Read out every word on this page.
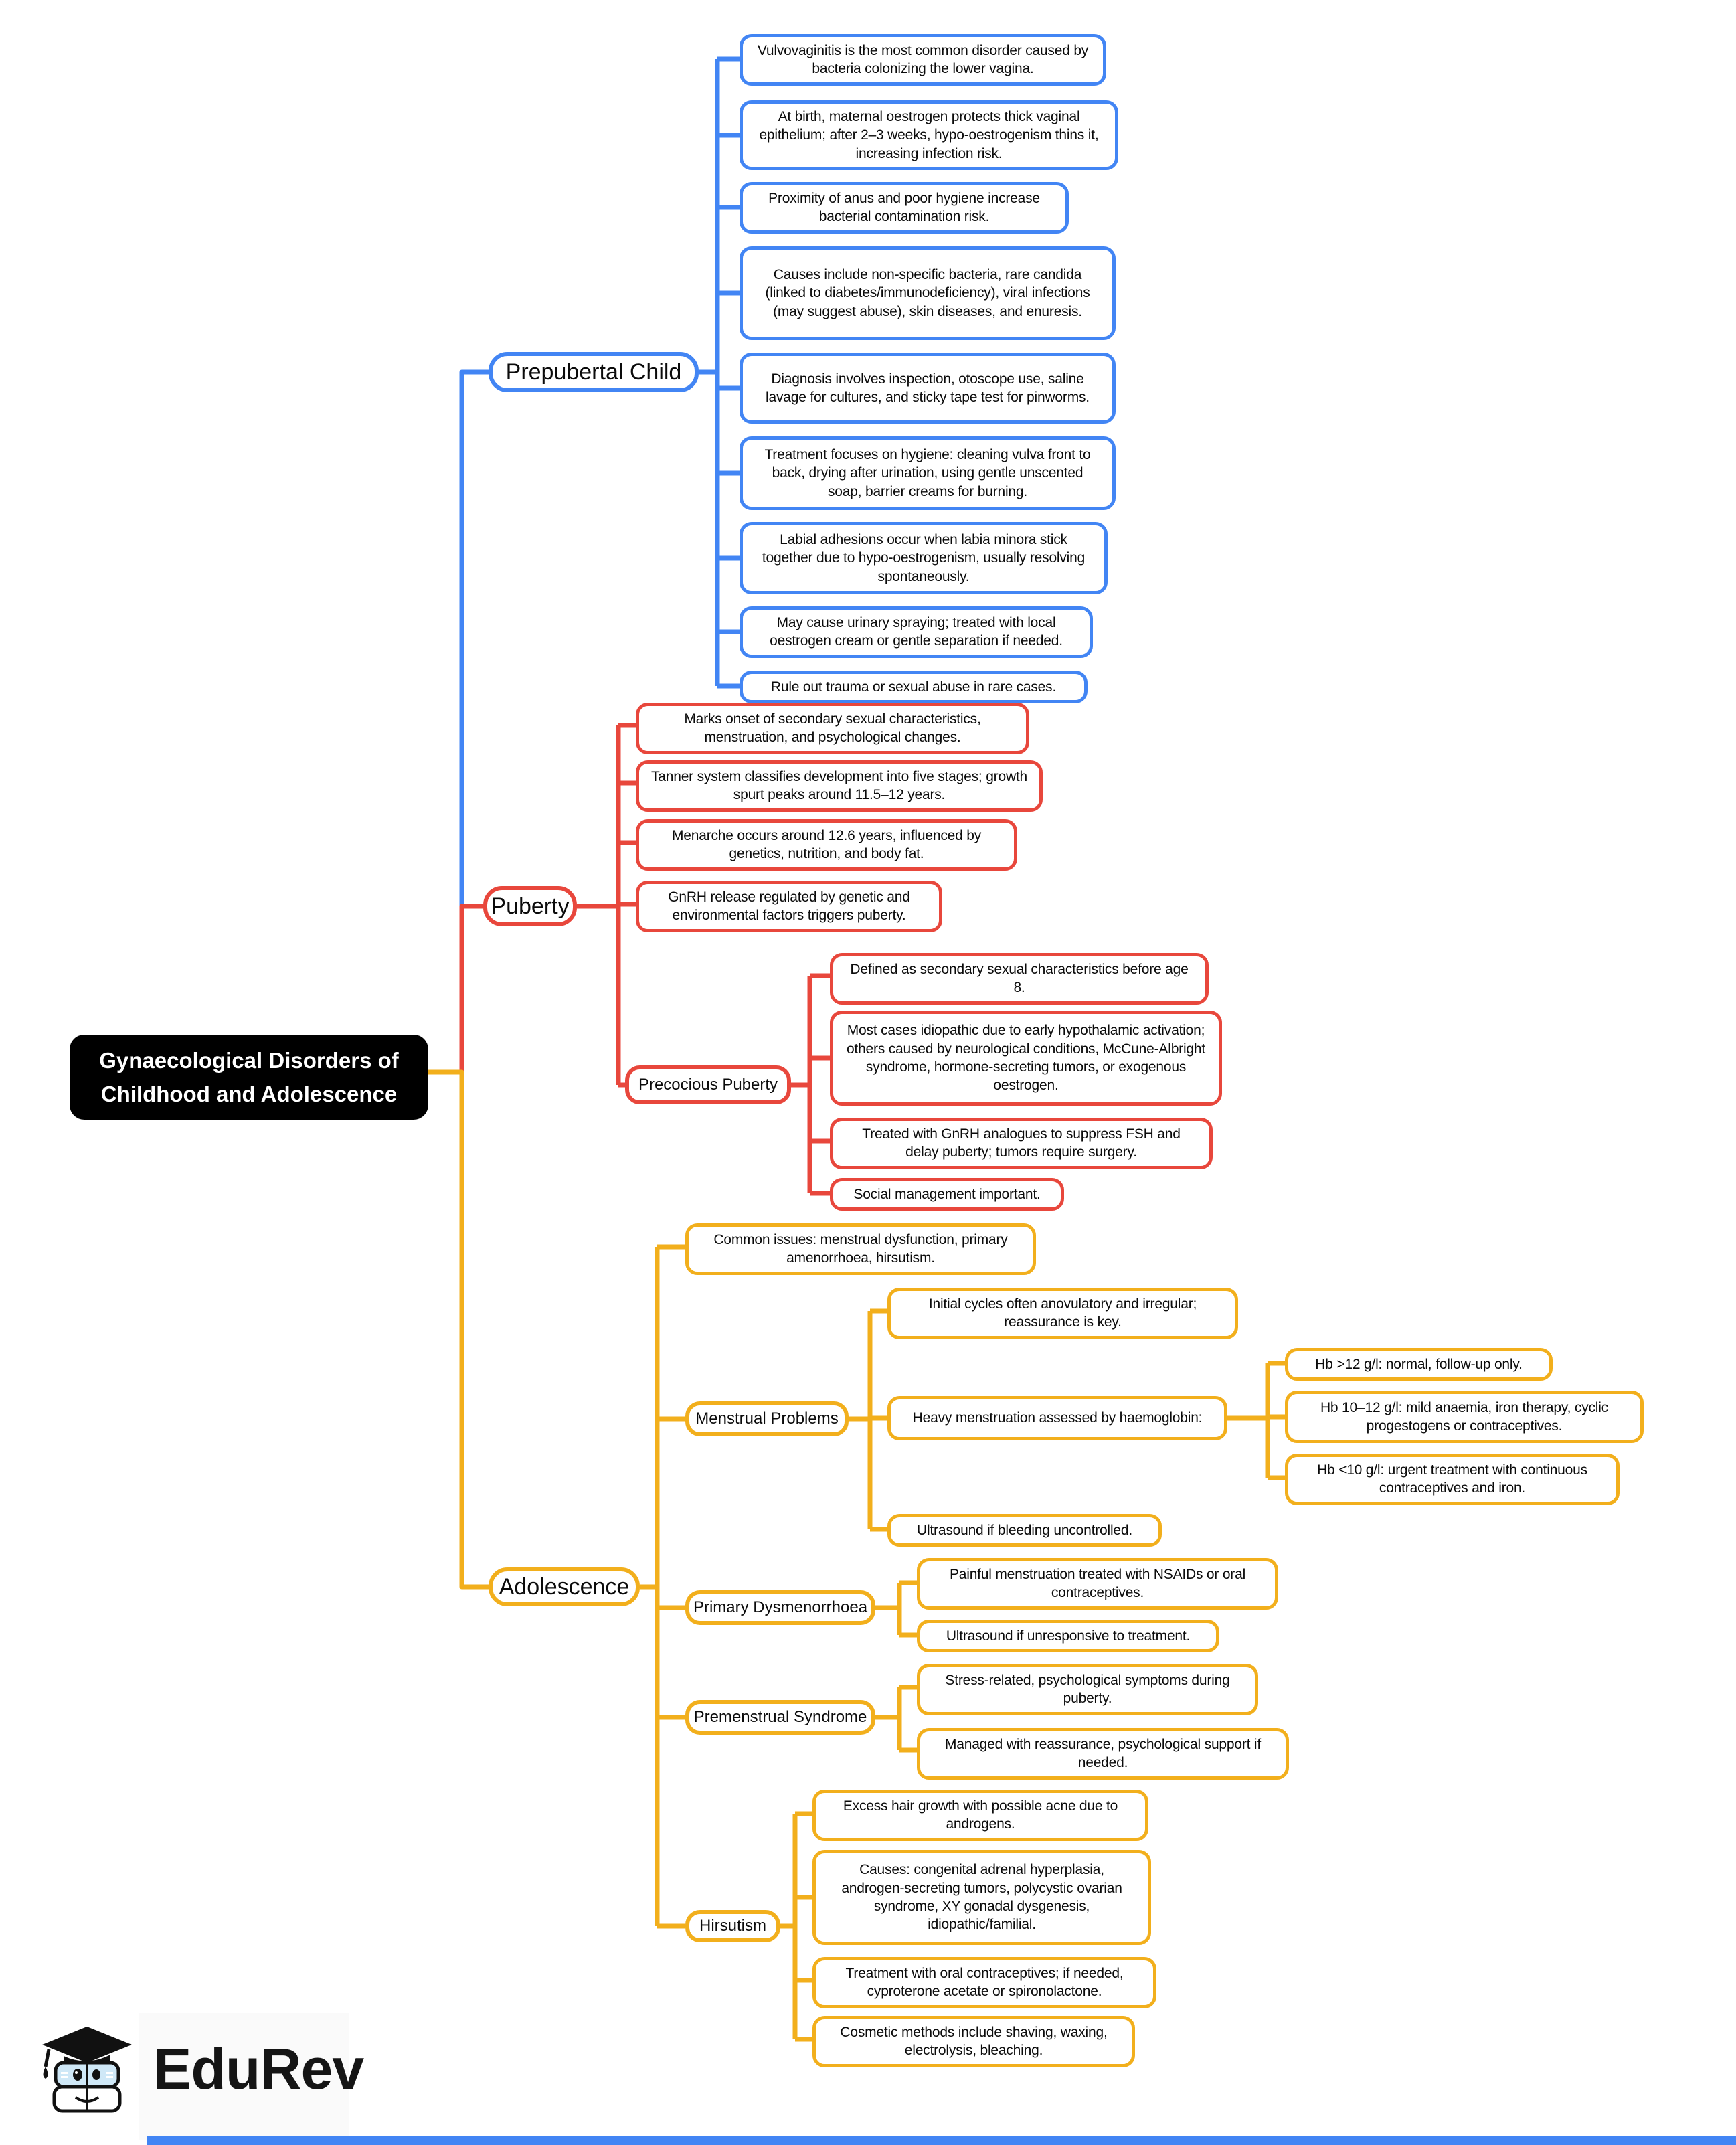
Gynaecological Disorders of Childhood and Adolescence
Prepubertal Child
Vulvovaginitis is the most common disorder caused by bacteria colonizing the lower vagina.
At birth, maternal oestrogen protects thick vaginal epithelium; after 2–3 weeks, hypo-oestrogenism thins it, increasing infection risk.
Proximity of anus and poor hygiene increase bacterial contamination risk.
Causes include non-specific bacteria, rare candida (linked to diabetes/immunodeficiency), viral infections (may suggest abuse), skin diseases, and enuresis.
Diagnosis involves inspection, otoscope use, saline lavage for cultures, and sticky tape test for pinworms.
Treatment focuses on hygiene: cleaning vulva front to back, drying after urination, using gentle unscented soap, barrier creams for burning.
Labial adhesions occur when labia minora stick together due to hypo-oestrogenism, usually resolving spontaneously.
May cause urinary spraying; treated with local oestrogen cream or gentle separation if needed.
Rule out trauma or sexual abuse in rare cases.
Puberty
Marks onset of secondary sexual characteristics, menstruation, and psychological changes.
Tanner system classifies development into five stages; growth spurt peaks around 11.5–12 years.
Menarche occurs around 12.6 years, influenced by genetics, nutrition, and body fat.
GnRH release regulated by genetic and environmental factors triggers puberty.
Precocious Puberty
Defined as secondary sexual characteristics before age 8.
Most cases idiopathic due to early hypothalamic activation; others caused by neurological conditions, McCune-Albright syndrome, hormone-secreting tumors, or exogenous oestrogen.
Treated with GnRH analogues to suppress FSH and delay puberty; tumors require surgery.
Social management important.
Adolescence
Common issues: menstrual dysfunction, primary amenorrhoea, hirsutism.
Menstrual Problems
Initial cycles often anovulatory and irregular; reassurance is key.
Heavy menstruation assessed by haemoglobin:
Ultrasound if bleeding uncontrolled.
Hb >12 g/l: normal, follow-up only.
Hb 10–12 g/l: mild anaemia, iron therapy, cyclic progestogens or contraceptives.
Hb <10 g/l: urgent treatment with continuous contraceptives and iron.
Primary Dysmenorrhoea
Painful menstruation treated with NSAIDs or oral contraceptives.
Ultrasound if unresponsive to treatment.
Premenstrual Syndrome
Stress-related, psychological symptoms during puberty.
Managed with reassurance, psychological support if needed.
Hirsutism
Excess hair growth with possible acne due to androgens.
Causes: congenital adrenal hyperplasia, androgen-secreting tumors, polycystic ovarian syndrome, XY gonadal dysgenesis, idiopathic/familial.
Treatment with oral contraceptives; if needed, cyproterone acetate or spironolactone.
Cosmetic methods include shaving, waxing, electrolysis, bleaching.
EduRev
